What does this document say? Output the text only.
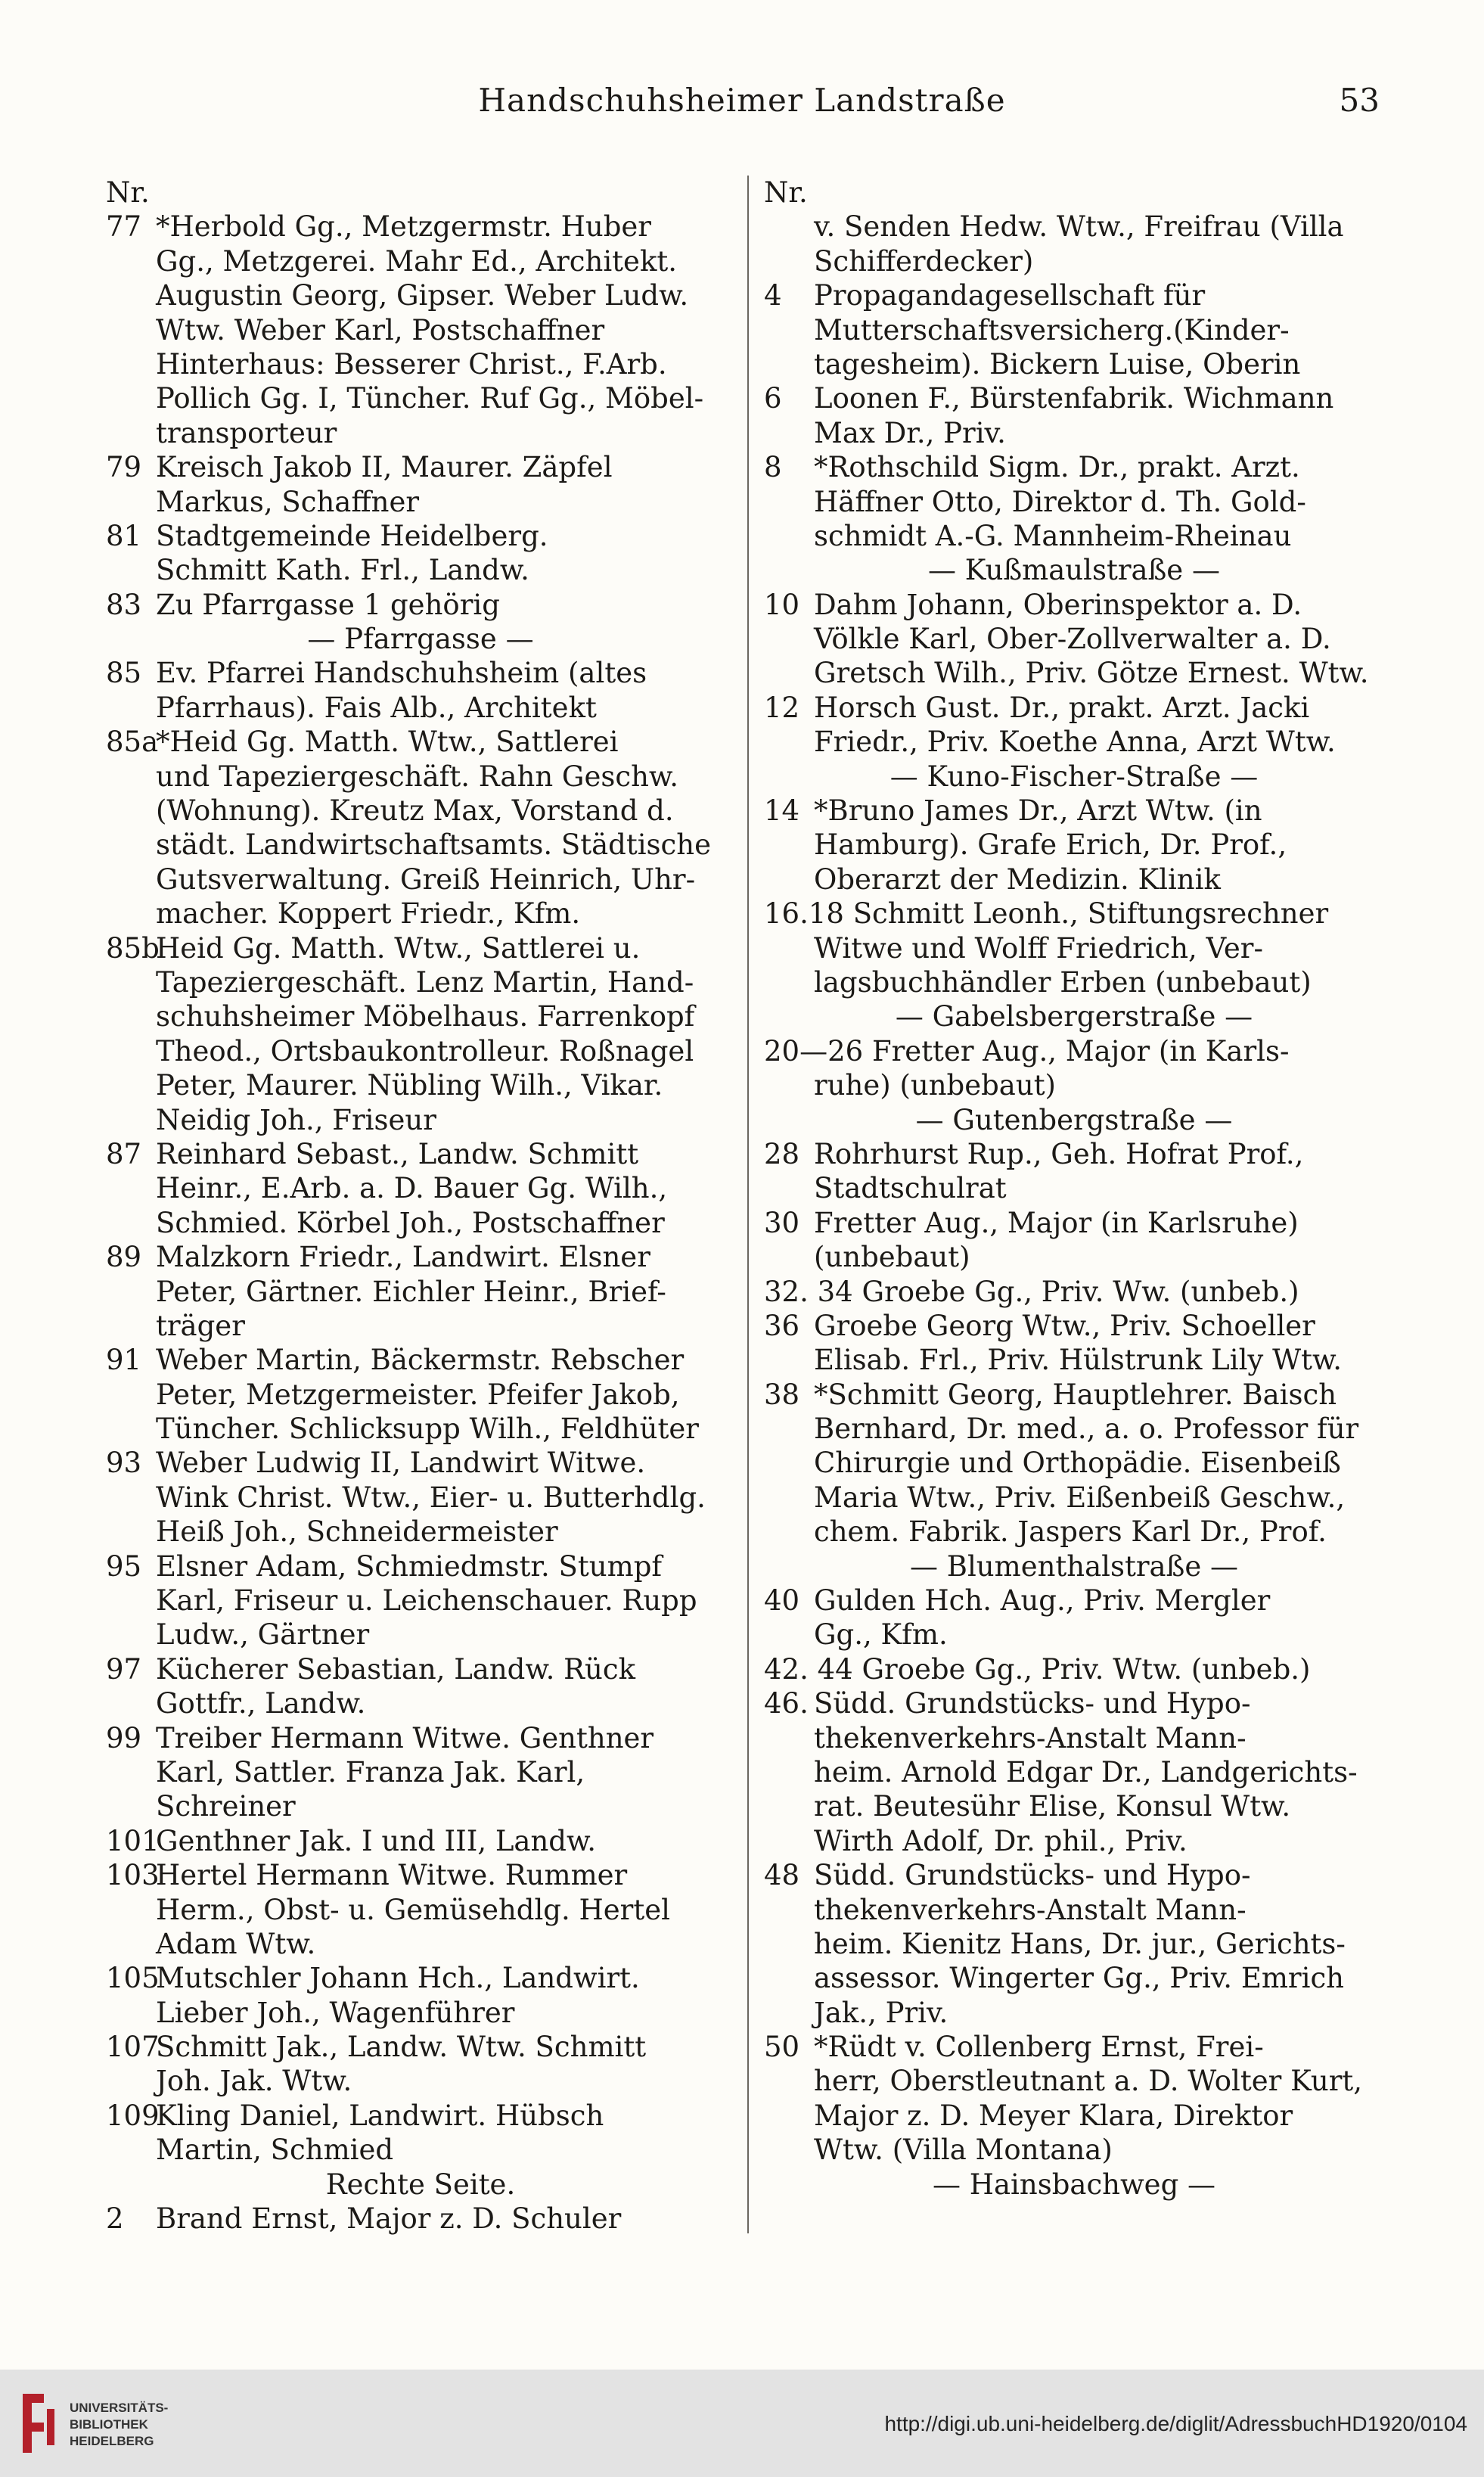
Handschuhsheimer Landstraße	53
Nr.
77 *Herbold Gg., Metzgermstr. Huber
Gg., Metzgerei. Mahr Ed., Architekt.
Augustin Georg, Gipser. Weber Ludw.
Wtw. Weber Karl, Postschaffner
Hinterhaus: Besserer Christ., F.Arb.
Pollich Gg. I, Tüncher. Ruf Gg., Möbel-
transporteur
79 Kreisch Jakob II, Maurer. Zäpfel
Markus, Schaffner
81 Stadtgemeinde Heidelberg.
Schmitt Kath. Frl., Landw.
83 Zu Pfarrgasse 1 gehörig
— Pfarrgasse —
85 Ev. Pfarrei Handschuhsheim (altes
Pfarrhaus). Fais Alb., Architekt
85a*Heid Gg. Matth. Wtw., Sattlerei
und Tapeziergeschäft. Rahn Geschw.
(Wohnung). Kreutz Max, Vorstand d.
städt. Landwirtschaftsamts. Städtische
Gutsverwaltung. Greiß Heinrich, Uhr-
macher. Koppert Friedr., Kfm.
85bHeid Gg. Matth. Wtw., Sattlerei u.
Tapeziergeschäft. Lenz Martin, Hand-
schuhsheimer Möbelhaus. Farrenkopf
Theod., Ortsbaukontrolleur. Roßnagel
Peter, Maurer. Nübling Wilh., Vikar.
Neidig Joh., Friseur
87 Reinhard Sebast., Landw. Schmitt
Heinr., E.Arb. a. D. Bauer Gg. Wilh.,
Schmied. Körbel Joh., Postschaffner
89 Malzkorn Friedr., Landwirt. Elsner
Peter, Gärtner. Eichler Heinr., Brief-
träger
91 Weber Martin, Bäckermstr. Rebscher
Peter, Metzgermeister. Pfeifer Jakob,
Tüncher. Schlicksupp Wilh., Feldhüter
93 Weber Ludwig II, Landwirt Witwe.
Wink Christ. Wtw., Eier- u. Butterhdlg.
Heiß Joh., Schneidermeister
95 Elsner Adam, Schmiedmstr. Stumpf
Karl, Friseur u. Leichenschauer. Rupp
Ludw., Gärtner
97 Kücherer Sebastian, Landw. Rück
Gottfr., Landw.
99 Treiber Hermann Witwe. Genthner
Karl, Sattler. Franza Jak. Karl,
Schreiner
101Genthner Jak. I und III, Landw.
103Hertel Hermann Witwe. Rummer
Herm., Obst- u. Gemüsehdlg. Hertel
Adam Wtw.
105Mutschler Johann Hch., Landwirt.
Lieber Joh., Wagenführer
107Schmitt Jak., Landw. Wtw. Schmitt
Joh. Jak. Wtw.
109Kling Daniel, Landwirt. Hübsch
Martin, Schmied
Rechte Seite.
2 Brand Ernst, Major z. D. Schuler
Nr.
v. Senden Hedw. Wtw., Freifrau (Villa
Schifferdecker)
4 Propagandagesellschaft für
Mutterschaftsversicherg.(Kinder-
tagesheim). Bickern Luise, Oberin
6 Loonen F., Bürstenfabrik. Wichmann
Max Dr., Priv.
8 *Rothschild Sigm. Dr., prakt. Arzt.
Häffner Otto, Direktor d. Th. Gold-
schmidt A.-G. Mannheim-Rheinau
— Kußmaulstraße —
10 Dahm Johann, Oberinspektor a. D.
Völkle Karl, Ober-Zollverwalter a. D.
Gretsch Wilh., Priv. Götze Ernest. Wtw.
12 Horsch Gust. Dr., prakt. Arzt. Jacki
Friedr., Priv. Koethe Anna, Arzt Wtw.
— Kuno-Fischer-Straße —
14 *Bruno James Dr., Arzt Wtw. (in
Hamburg). Grafe Erich, Dr. Prof.,
Oberarzt der Medizin. Klinik
16.18 Schmitt Leonh., Stiftungsrechner
Witwe und Wolff Friedrich, Ver-
lagsbuchhändler Erben (unbebaut)
— Gabelsbergerstraße —
20—26 Fretter Aug., Major (in Karls-
ruhe) (unbebaut)
— Gutenbergstraße —
28 Rohrhurst Rup., Geh. Hofrat Prof.,
Stadtschulrat
30 Fretter Aug., Major (in Karlsruhe)
(unbebaut)
32. 34 Groebe Gg., Priv. Ww. (unbeb.)
36 Groebe Georg Wtw., Priv. Schoeller
Elisab. Frl., Priv. Hülstrunk Lily Wtw.
38 *Schmitt Georg, Hauptlehrer. Baisch
Bernhard, Dr. med., a. o. Professor für
Chirurgie und Orthopädie. Eisenbeiß
Maria Wtw., Priv. Eißenbeiß Geschw.,
chem. Fabrik. Jaspers Karl Dr., Prof.
— Blumenthalstraße —
40 Gulden Hch. Aug., Priv. Mergler
Gg., Kfm.
42. 44 Groebe Gg., Priv. Wtw. (unbeb.)
46. Südd. Grundstücks- und Hypo-
thekenverkehrs-Anstalt Mann-
heim. Arnold Edgar Dr., Landgerichts-
rat. Beutesühr Elise, Konsul Wtw.
Wirth Adolf, Dr. phil., Priv.
48 Südd. Grundstücks- und Hypo-
thekenverkehrs-Anstalt Mann-
heim. Kienitz Hans, Dr. jur., Gerichts-
assessor. Wingerter Gg., Priv. Emrich
Jak., Priv.
50 *Rüdt v. Collenberg Ernst, Frei-
herr, Oberstleutnant a. D. Wolter Kurt,
Major z. D. Meyer Klara, Direktor
Wtw. (Villa Montana)
— Hainsbachweg —
UNIVERSITÄTS-
BIBLIOTHEK
HEIDELBERG
http://digi.ub.uni-heidelberg.de/diglit/AdressbuchHD1920/0104
